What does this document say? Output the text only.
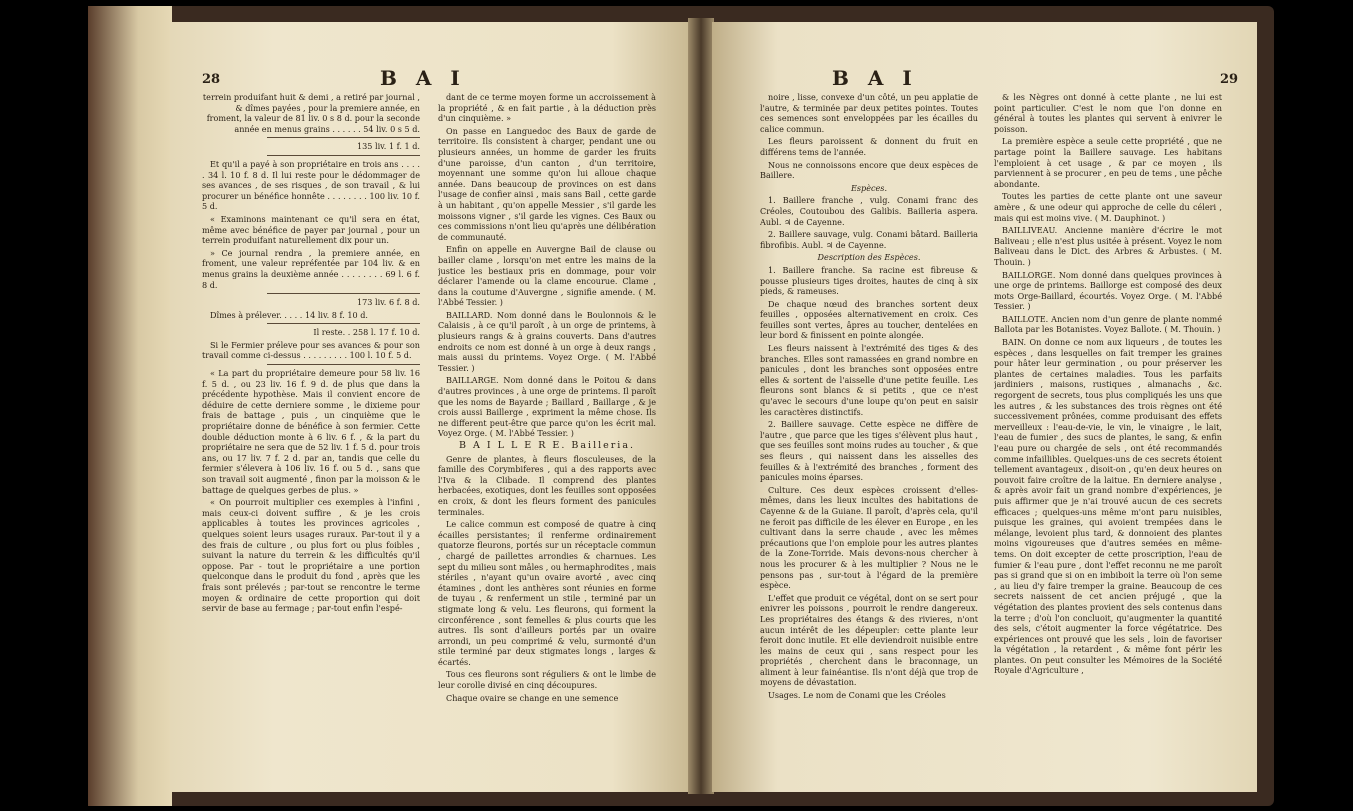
28	B A I

terrein produifant huit & demi , a retiré par journal , & dîmes payées , pour la premiere année, en froment, la valeur de 81 liv. 0 s 8 d. pour la seconde année en menus grains . . . . . . 54 liv. 0 s 5 d.

135 liv. 1 f. 1 d.

Et qu'il a payé à son propriétaire en trois ans . . . . . 34 l. 10 f. 8 d. Il lui reste pour le dédommager de ses avances , de ses risques , de son travail , & lui procurer un bénéfice honnête . . . . . . . . 100 liv. 10 f. 5 d.

« Examinons maintenant ce qu'il sera en état, même avec bénéfice de payer par journal , pour un terrein produifant naturellement dix pour un.

» Ce journal rendra , la premiere année, en froment, une valeur repréfentée par 104 liv. & en menus grains la deuxième année . . . . . . . . 69 l. 6 f. 8 d.

173 liv. 6 f. 8 d.

Dîmes à prélever. . . . . 14 liv. 8 f. 10 d.

Il reste. . 258 l. 17 f. 10 d.

Si le Fermier préleve pour ses avances & pour son travail comme ci-dessus . . . . . . . . . 100 l. 10 f. 5 d.

« La part du propriétaire demeure pour 58 liv. 16 f. 5 d. , ou 23 liv. 16 f. 9 d. de plus que dans la précédente hypothèse. Mais il convient encore de déduire de cette derniere somme , le dixieme pour frais de battage , puis , un cinquième que le propriétaire donne de bénéfice à son fermier. Cette double déduction monte à 6 liv. 6 f. , & la part du propriétaire ne sera que de 52 liv. 1 f. 5 d. pour trois ans, ou 17 liv. 7 f. 2 d. par an, tandis que celle du fermier s'élevera à 106 liv. 16 f. ou 5 d. , sans que son travail soit augmenté , finon par la moisson & le battage de quelques gerbes de plus. »

« On pourroit multiplier ces exemples à l'infini , mais ceux-ci doivent suffire , & je les crois applicables à toutes les provinces agricoles , quelques soient leurs usages ruraux. Par-tout il y a des frais de culture , ou plus fort ou plus foibles , suivant la nature du terrein & les difficultés qu'il oppose. Par - tout le propriétaire a une portion quelconque dans le produit du fond , après que les frais sont prélevés ; par-tout se rencontre le terme moyen & ordinaire de cette proportion qui doit servir de base au fermage ; par-tout enfin l'espé-

dant de ce terme moyen forme un accroissement à la propriété , & en fait partie , à la déduction près d'un cinquième. »

On passe en Languedoc des Baux de garde de territoire. Ils consistent à charger, pendant une ou plusieurs années, un homme de garder les fruits d'une paroisse, d'un canton , d'un territoire, moyennant une somme qu'on lui alloue chaque année. Dans beaucoup de provinces on est dans l'usage de confier ainsi , mais sans Bail , cette garde à un habitant , qu'on appelle Messier , s'il garde les moissons vigner , s'il garde les vignes. Ces Baux ou ces commissions n'ont lieu qu'après une délibération de communauté.

Enfin on appelle en Auvergne Bail de clause ou bailler clame , lorsqu'on met entre les mains de la justice les bestiaux pris en dommage, pour voir déclarer l'amende ou la clame encourue. Clame , dans la coutume d'Auvergne , signifie amende. ( M. l'Abbé Tessier. )

BAILLARD. Nom donné dans le Boulonnois & le Calaisis , à ce qu'il paroît , à un orge de printems, à plusieurs rangs & à grains couverts. Dans d'autres endroits ce nom est donné à un orge à deux rangs , mais aussi du printems. Voyez Orge. ( M. l'Abbé Tessier. )

BAILLARGE. Nom donné dans le Poitou & dans d'autres provinces , à une orge de printems. Il paroît que les noms de Bayarde ; Baillard , Baillarge , & je crois aussi Baillerge , expriment la même chose. Ils ne different peut-être que parce qu'on les écrit mal. Voyez Orge. ( M. l'Abbé Tessier. )

B A I L L E R E. Bailleria.

Genre de plantes, à fleurs flosculeuses, de la famille des Corymbiferes , qui a des rapports avec l'Iva & la Clibade. Il comprend des plantes herbacées, exotiques, dont les feuilles sont opposées en croix, & dont les fleurs forment des panicules terminales.

Le calice commun est composé de quatre à cinq écailles persistantes; il renferme ordinairement quatorze fleurons, portés sur un réceptacle commun , chargé de paillettes arrondies & charnues. Les sept du milieu sont mâles , ou hermaphrodites , mais stériles , n'ayant qu'un ovaire avorté , avec cinq étamines , dont les anthères sont réunies en forme de tuyau , & renferment un stile , terminé par un stigmate long & velu. Les fleurons, qui forment la circonférence , sont femelles & plus courts que les autres. Ils sont d'ailleurs portés par un ovaire arrondi, un peu comprimé & velu, surmonté d'un stile terminé par deux stigmates longs , larges & écartés.

Tous ces fleurons sont réguliers & ont le limbe de leur corolle divisé en cinq découpures.

Chaque ovaire se change en une semence

B A I	29

noire , lisse, convexe d'un côté, un peu applatie de l'autre, & terminée par deux petites pointes. Toutes ces semences sont enveloppées par les écailles du calice commun.

Les fleurs paroissent & donnent du fruit en différens tems de l'année.

Nous ne connoissons encore que deux espèces de Baillere.

Espèces.

1. Baillere franche , vulg. Conami franc des Créoles, Coutoubou des Galibis. Bailleria aspera. Aubl. ♃ de Cayenne.

2. Baillere sauvage, vulg. Conami bâtard. Bailleria fibrofibis. Aubl. ♃ de Cayenne.

Description des Espèces.

1. Baillere franche. Sa racine est fibreuse & pousse plusieurs tiges droites, hautes de cinq à six pieds, & rameuses.

De chaque nœud des branches sortent deux feuilles , opposées alternativement en croix. Ces feuilles sont vertes, âpres au toucher, dentelées en leur bord & finissent en pointe alongée.

Les fleurs naissent à l'extrémité des tiges & des branches. Elles sont ramassées en grand nombre en panicules , dont les branches sont opposées entre elles & sortent de l'aisselle d'une petite feuille. Les fleurons sont blancs & si petits , que ce n'est qu'avec le secours d'une loupe qu'on peut en saisir les caractères distinctifs.

2. Baillere sauvage. Cette espèce ne diffère de l'autre , que parce que les tiges s'élèvent plus haut , que ses feuilles sont moins rudes au toucher , & que ses fleurs , qui naissent dans les aisselles des feuilles & à l'extrémité des branches , forment des panicules moins éparses.

Culture. Ces deux espèces croissent d'elles-mêmes, dans les lieux incultes des habitations de Cayenne & de la Guiane. Il paroît, d'après cela, qu'il ne feroit pas difficile de les élever en Europe , en les cultivant dans la serre chaude , avec les mêmes précautions que l'on emploie pour les autres plantes de la Zone-Torride. Mais devons-nous chercher à nous les procurer & à les multiplier ? Nous ne le pensons pas , sur-tout à l'égard de la première espèce.

L'effet que produit ce végétal, dont on se sert pour enivrer les poissons , pourroit le rendre dangereux. Les propriétaires des étangs & des rivieres, n'ont aucun intérêt de les dépeupler: cette plante leur feroit donc inutile. Et elle deviendroit nuisible entre les mains de ceux qui , sans respect pour les propriétés , cherchent dans le braconnage, un aliment à leur fainéantise. Ils n'ont déjà que trop de moyens de dévastation.

Usages. Le nom de Conami que les Créoles

& les Nègres ont donné à cette plante , ne lui est point particulier. C'est le nom que l'on donne en général à toutes les plantes qui servent à enivrer le poisson.

La première espèce a seule cette propriété , que ne partage point la Baillere sauvage. Les habitans l'emploient à cet usage , & par ce moyen , ils parviennent à se procurer , en peu de tems , une pêche abondante.

Toutes les parties de cette plante ont une saveur amère , & une odeur qui approche de celle du céleri , mais qui est moins vive. ( M. Dauphinot. )

BAILLIVEAU. Ancienne manière d'écrire le mot Baliveau ; elle n'est plus usitée à présent. Voyez le nom Baliveau dans le Dict. des Arbres & Arbustes. ( M. Thouin. )

BAILLORGE. Nom donné dans quelques provinces à une orge de printems. Baillorge est composé des deux mots Orge-Baillard, écourtés. Voyez Orge. ( M. l'Abbé Tessier. )

BAILLOTE. Ancien nom d'un genre de plante nommé Ballota par les Botanistes. Voyez Ballote. ( M. Thouin. )

BAIN. On donne ce nom aux liqueurs , de toutes les espèces , dans lesquelles on fait tremper les graines pour hâter leur germination , ou pour préserver les plantes de certaines maladies. Tous les parfaits jardiniers , maisons, rustiques , almanachs , &c. regorgent de secrets, tous plus compliqués les uns que les autres , & les substances des trois règnes ont été successivement prônées, comme produisant des effets merveilleux : l'eau-de-vie, le vin, le vinaigre , le lait, l'eau de fumier , des sucs de plantes, le sang, & enfin l'eau pure ou chargée de sels , ont été recommandés comme infaillibles. Quelques-uns de ces secrets étoient tellement avantageux , disoit-on , qu'en deux heures on pouvoit faire croître de la laitue. En derniere analyse , & après avoir fait un grand nombre d'expériences, je puis affirmer que je n'ai trouvé aucun de ces secrets efficaces ; quelques-uns même m'ont paru nuisibles, puisque les graines, qui avoient trempées dans le mélange, levoient plus tard, & donnoient des plantes moins vigoureuses que d'autres semées en même-tems. On doit excepter de cette proscription, l'eau de fumier & l'eau pure , dont l'effet reconnu ne me paroît pas si grand que si on en imbiboit la terre où l'on seme , au lieu d'y faire tremper la graine. Beaucoup de ces secrets naissent de cet ancien préjugé , que la végétation des plantes provient des sels contenus dans la terre ; d'où l'on concluoit, qu'augmenter la quantité des sels, c'étoit augmenter la force végétatrice. Des expériences ont prouvé que les sels , loin de favoriser la végétation , la retardent , & même font périr les plantes. On peut consulter les Mémoires de la Société Royale d'Agriculture ,
